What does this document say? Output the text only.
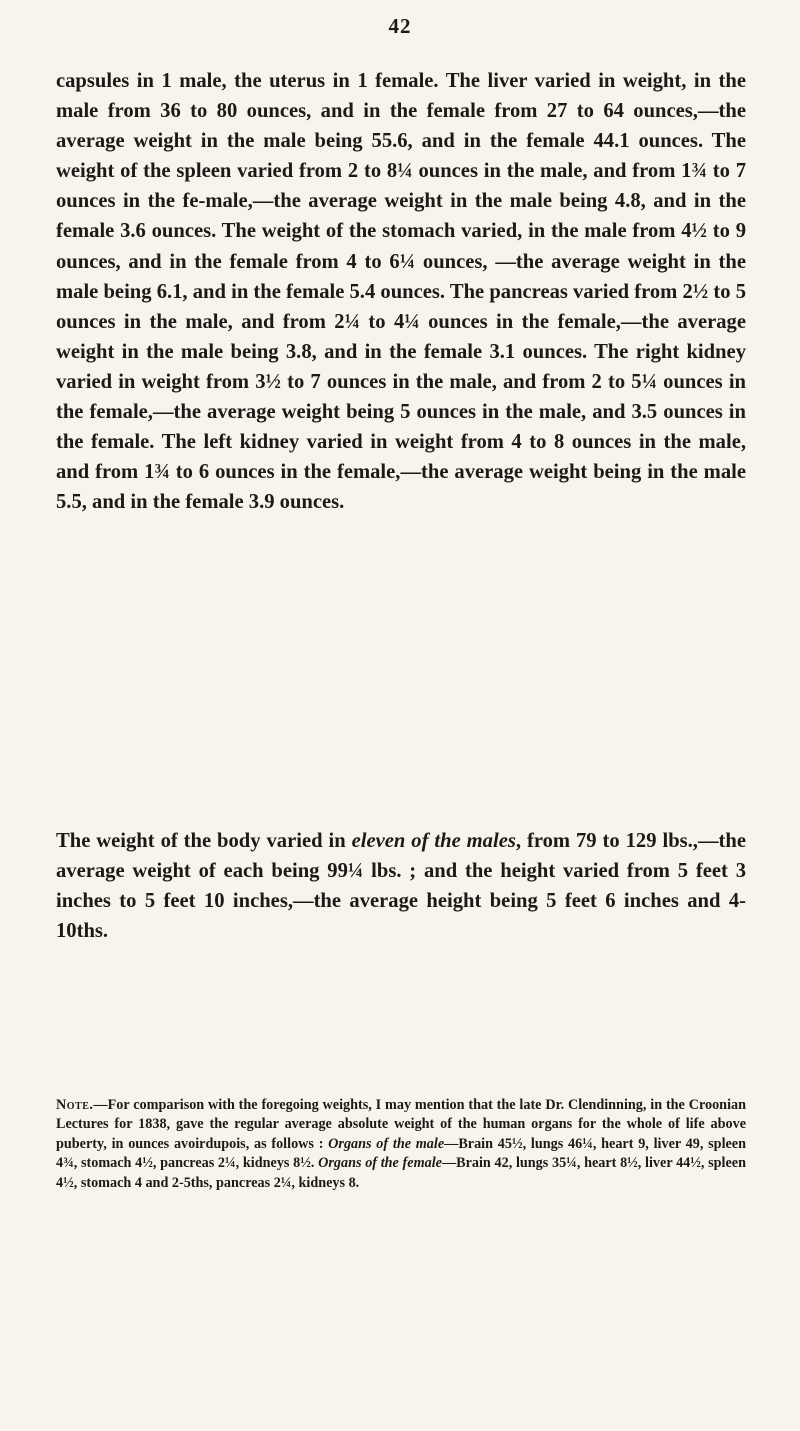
42

capsules in 1 male, the uterus in 1 female. The liver varied in weight, in the male from 36 to 80 ounces, and in the female from 27 to 64 ounces,—the average weight in the male being 55.6, and in the female 44.1 ounces. The weight of the spleen varied from 2 to 8¼ ounces in the male, and from 1¾ to 7 ounces in the fe-male,—the average weight in the male being 4.8, and in the female 3.6 ounces. The weight of the stomach varied, in the male from 4½ to 9 ounces, and in the female from 4 to 6¼ ounces, —the average weight in the male being 6.1, and in the female 5.4 ounces. The pancreas varied from 2½ to 5 ounces in the male, and from 2¼ to 4¼ ounces in the female,—the average weight in the male being 3.8, and in the female 3.1 ounces. The right kidney varied in weight from 3½ to 7 ounces in the male, and from 2 to 5¼ ounces in the female,—the average weight being 5 ounces in the male, and 3.5 ounces in the female. The left kidney varied in weight from 4 to 8 ounces in the male, and from 1¾ to 6 ounces in the female,—the average weight being in the male 5.5, and in the female 3.9 ounces.

The weight of the body varied in eleven of the males, from 79 to 129 lbs.,—the average weight of each being 99¼ lbs. ; and the height varied from 5 feet 3 inches to 5 feet 10 inches,—the average height being 5 feet 6 inches and 4-10ths.

Note.—For comparison with the foregoing weights, I may mention that the late Dr. Clendinning, in the Croonian Lectures for 1838, gave the regular average absolute weight of the human organs for the whole of life above puberty, in ounces avoirdupois, as follows : Organs of the male—Brain 45½, lungs 46¼, heart 9, liver 49, spleen 4¾, stomach 4½, pancreas 2¼, kidneys 8½. Organs of the female—Brain 42, lungs 35¼, heart 8½, liver 44½, spleen 4½, stomach 4 and 2-5ths, pancreas 2¼, kidneys 8.
